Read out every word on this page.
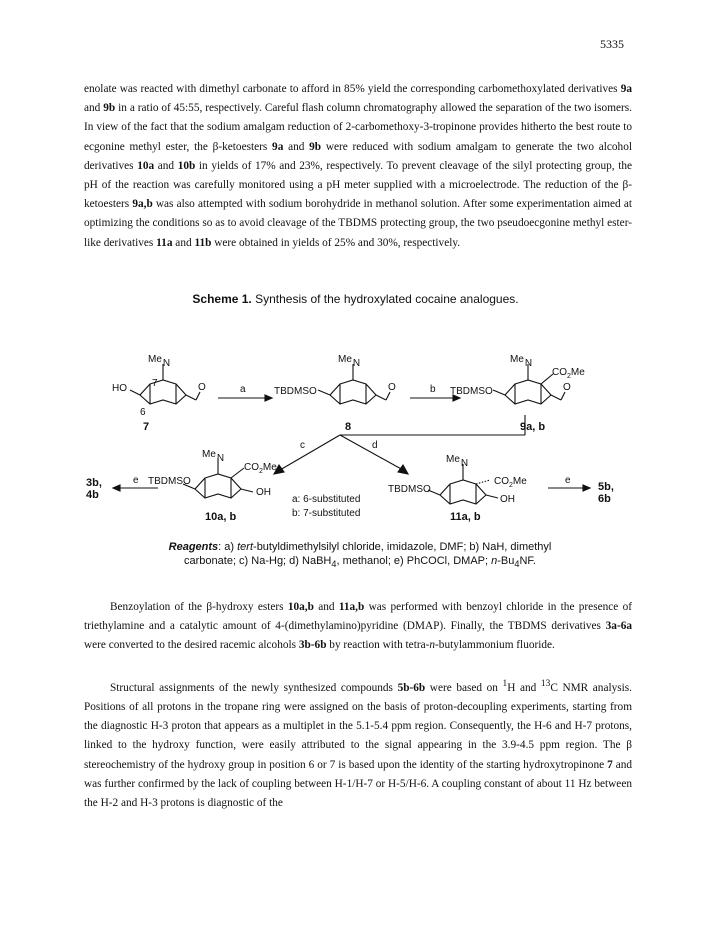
5335

enolate was reacted with dimethyl carbonate to afford in 85% yield the corresponding carbomethoxylated derivatives 9a and 9b in a ratio of 45:55, respectively. Careful flash column chromatography allowed the separation of the two isomers. In view of the fact that the sodium amalgam reduction of 2-carbomethoxy-3-tropinone provides hitherto the best route to ecgonine methyl ester, the β-ketoesters 9a and 9b were reduced with sodium amalgam to generate the two alcohol derivatives 10a and 10b in yields of 17% and 23%, respectively. To prevent cleavage of the silyl protecting group, the pH of the reaction was carefully monitored using a pH meter supplied with a microelectrode. The reduction of the β-ketoesters 9a,b was also attempted with sodium borohydride in methanol solution. After some experimentation aimed at optimizing the conditions so as to avoid cleavage of the TBDMS protecting group, the two pseudoecgonine methyl ester-like derivatives 11a and 11b were obtained in yields of 25% and 30%, respectively.

Scheme 1. Synthesis of the hydroxylated cocaine analogues.
MeN
7
HO
6
O
7
a
MeN
TBDMSO	O
8
b
MeN
$CO_2Me$
TBDMSO	O
9a, b
c	d
MeN
$CO_2Me$
TBDMSO
OH
10a, b
3b,
4b
e
a: 6-substituted
b: 7-substituted
MeN
TBDMSO
$CO_2Me$
OH
11a, b
e
5b,
6b
Reagents: a) tert-butyldimethylsilyl chloride, imidazole, DMF; b) NaH, dimethyl carbonate; c) Na-Hg; d) NaBH$_4$, methanol; e) PhCOCl, DMAP; $n-Bu_4NF$.

Benzoylation of the β-hydroxy esters 10a,b and 11a,b was performed with benzoyl chloride in the presence of triethylamine and a catalytic amount of 4-(dimethylamino)pyridine (DMAP). Finally, the TBDMS derivatives 3a-6a were converted to the desired racemic alcohols 3b-6b by reaction with tetra-n-butylammonium fluoride.

Structural assignments of the newly synthesized compounds 5b-6b were based on $^1$H and $^{13}$C NMR analysis. Positions of all protons in the tropane ring were assigned on the basis of proton-decoupling experiments, starting from the diagnostic H-3 proton that appears as a multiplet in the 5.1-5.4 ppm region. Consequently, the H-6 and H-7 protons, linked to the hydroxy function, were easily attributed to the signal appearing in the 3.9-4.5 ppm region. The β stereochemistry of the hydroxy group in position 6 or 7 is based upon the identity of the starting hydroxytropinone 7 and was further confirmed by the lack of coupling between H-1/H-7 or H-5/H-6. A coupling constant of about 11 Hz between the H-2 and H-3 protons is diagnostic of the
